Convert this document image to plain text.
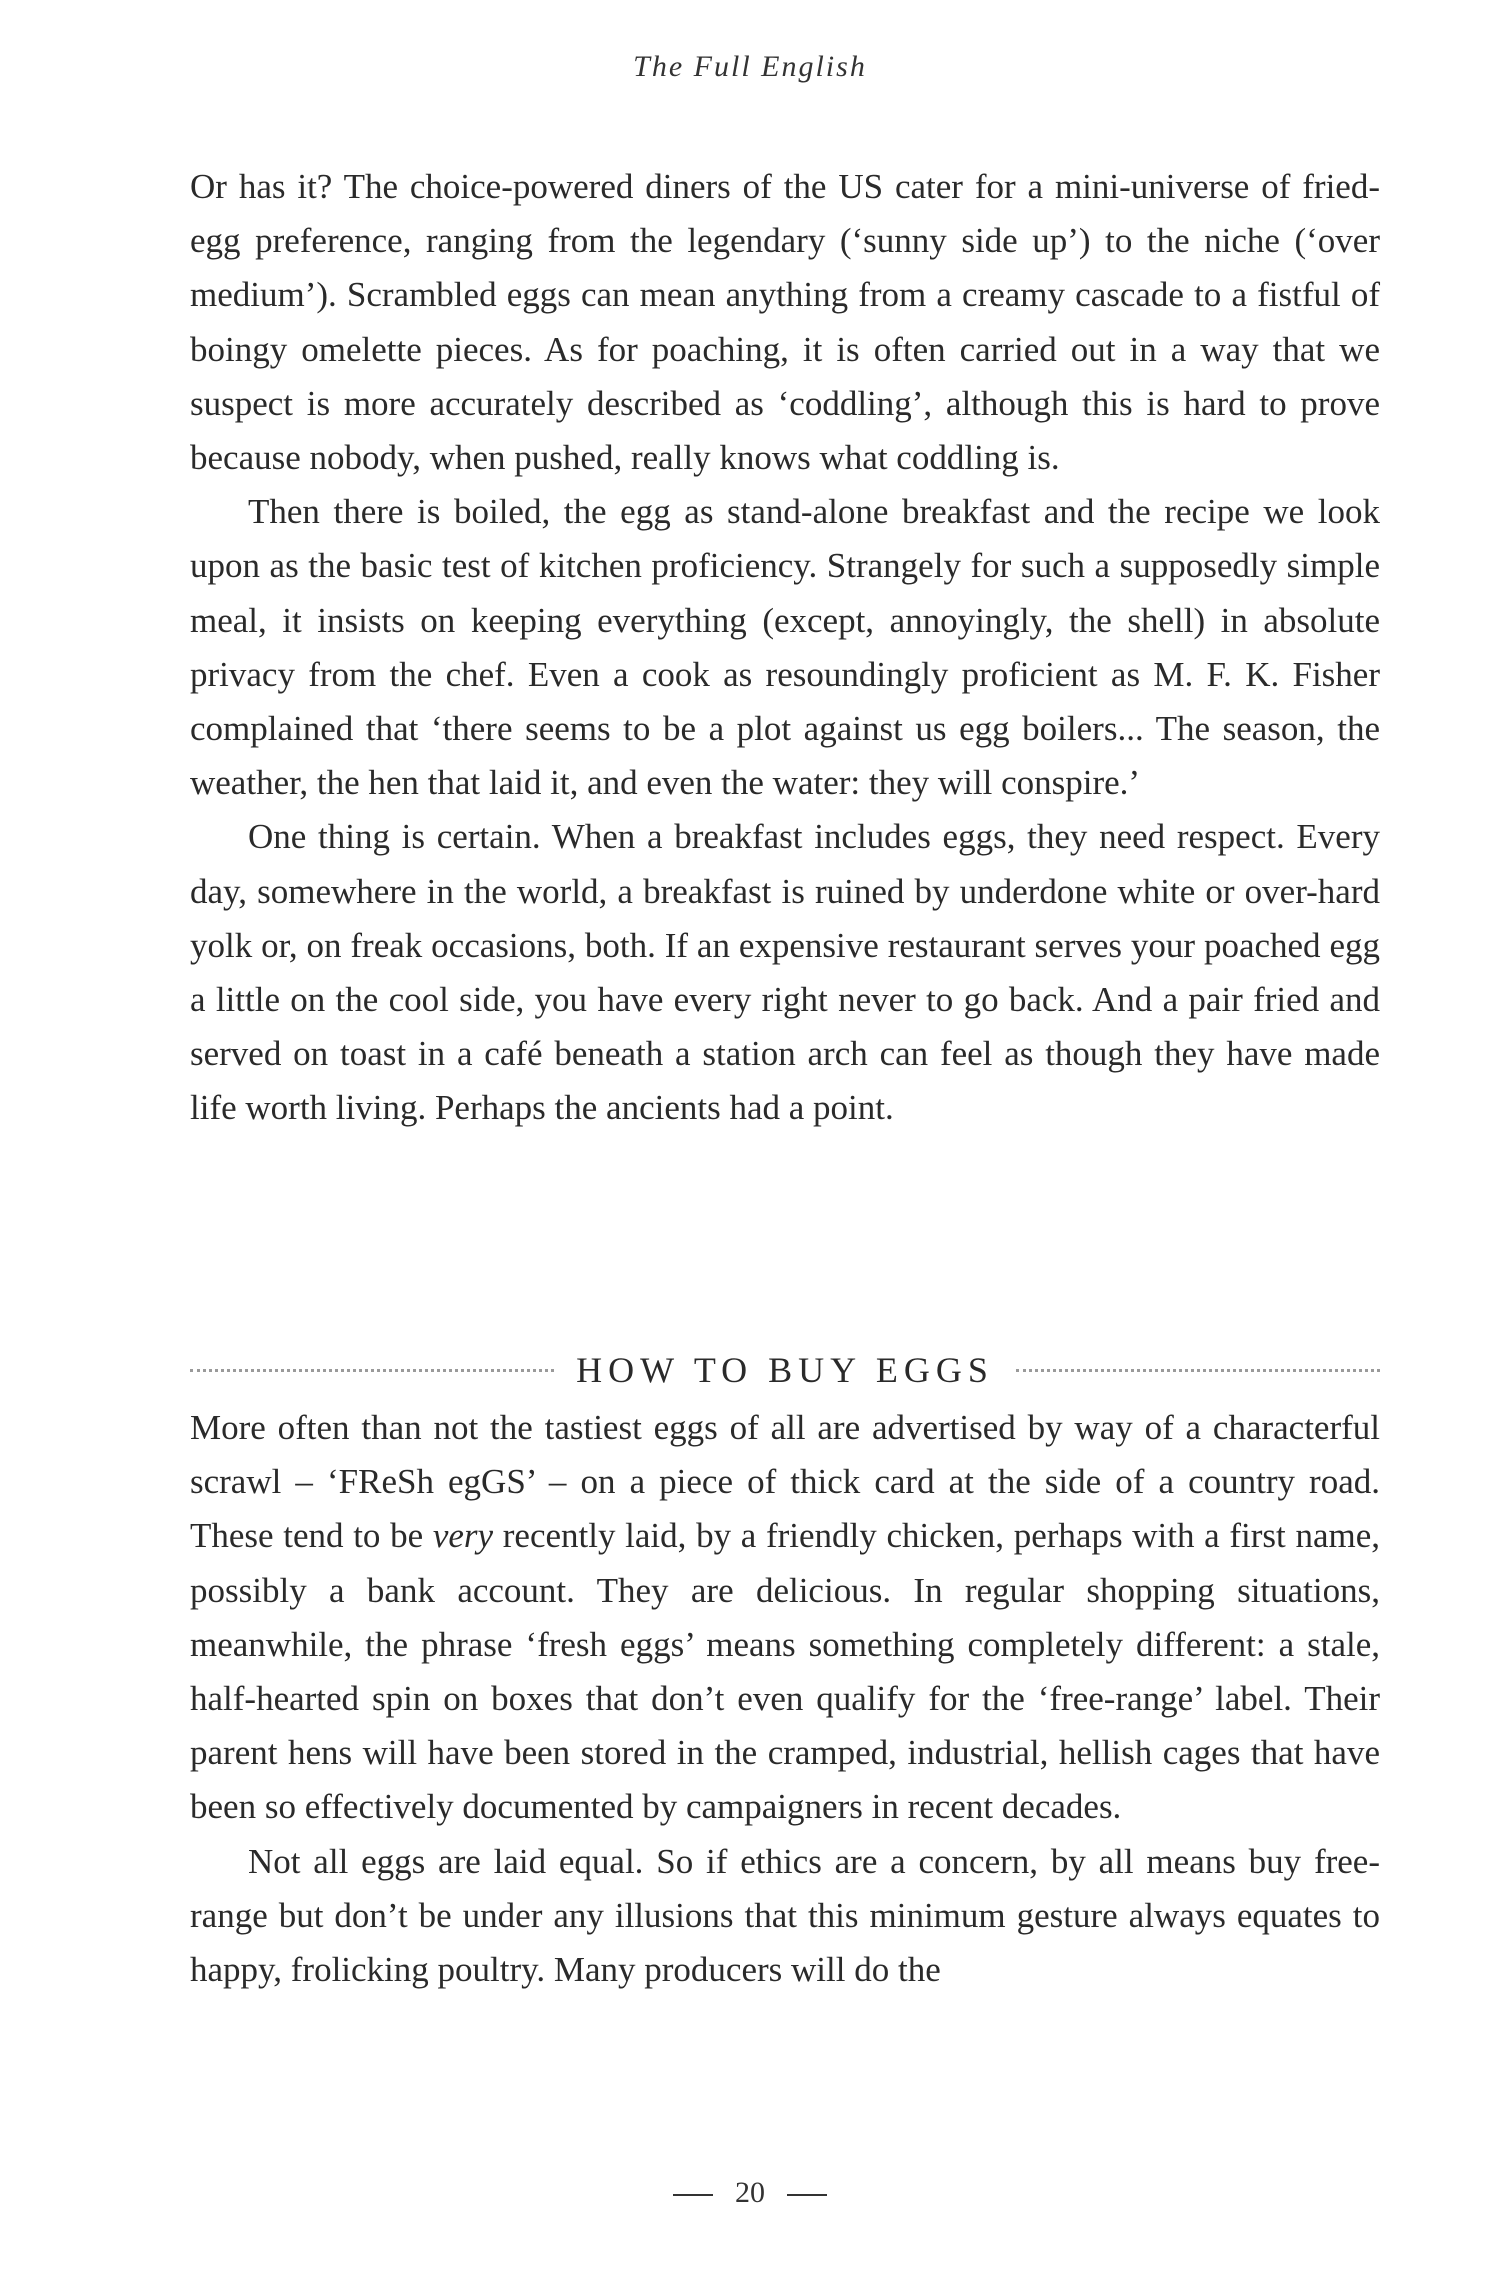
The Full English

Or has it? The choice-powered diners of the US cater for a mini-universe of fried-egg preference, ranging from the legendary (‘sunny side up’) to the niche (‘over medium’). Scrambled eggs can mean anything from a creamy cascade to a fistful of boingy omelette pieces. As for poaching, it is often carried out in a way that we suspect is more accurately described as ‘coddling’, although this is hard to prove because nobody, when pushed, really knows what coddling is.

Then there is boiled, the egg as stand-alone breakfast and the recipe we look upon as the basic test of kitchen proficiency. Strangely for such a supposedly simple meal, it insists on keeping everything (except, annoyingly, the shell) in absolute privacy from the chef. Even a cook as resoundingly proficient as M. F. K. Fisher complained that ‘there seems to be a plot against us egg boilers... The season, the weather, the hen that laid it, and even the water: they will conspire.’

One thing is certain. When a breakfast includes eggs, they need respect. Every day, somewhere in the world, a breakfast is ruined by underdone white or over-hard yolk or, on freak occasions, both. If an expensive restaurant serves your poached egg a little on the cool side, you have every right never to go back. And a pair fried and served on toast in a café beneath a station arch can feel as though they have made life worth living. Perhaps the ancients had a point.

HOW TO BUY EGGS

More often than not the tastiest eggs of all are advertised by way of a characterful scrawl – ‘FReSh egGS’ – on a piece of thick card at the side of a country road. These tend to be very recently laid, by a friendly chicken, perhaps with a first name, possibly a bank account. They are delicious. In regular shopping situations, meanwhile, the phrase ‘fresh eggs’ means something completely different: a stale, half-hearted spin on boxes that don’t even qualify for the ‘free-range’ label. Their parent hens will have been stored in the cramped, industrial, hellish cages that have been so effectively documented by campaigners in recent decades.

Not all eggs are laid equal. So if ethics are a concern, by all means buy free-range but don’t be under any illusions that this minimum gesture always equates to happy, frolicking poultry. Many producers will do the

20
